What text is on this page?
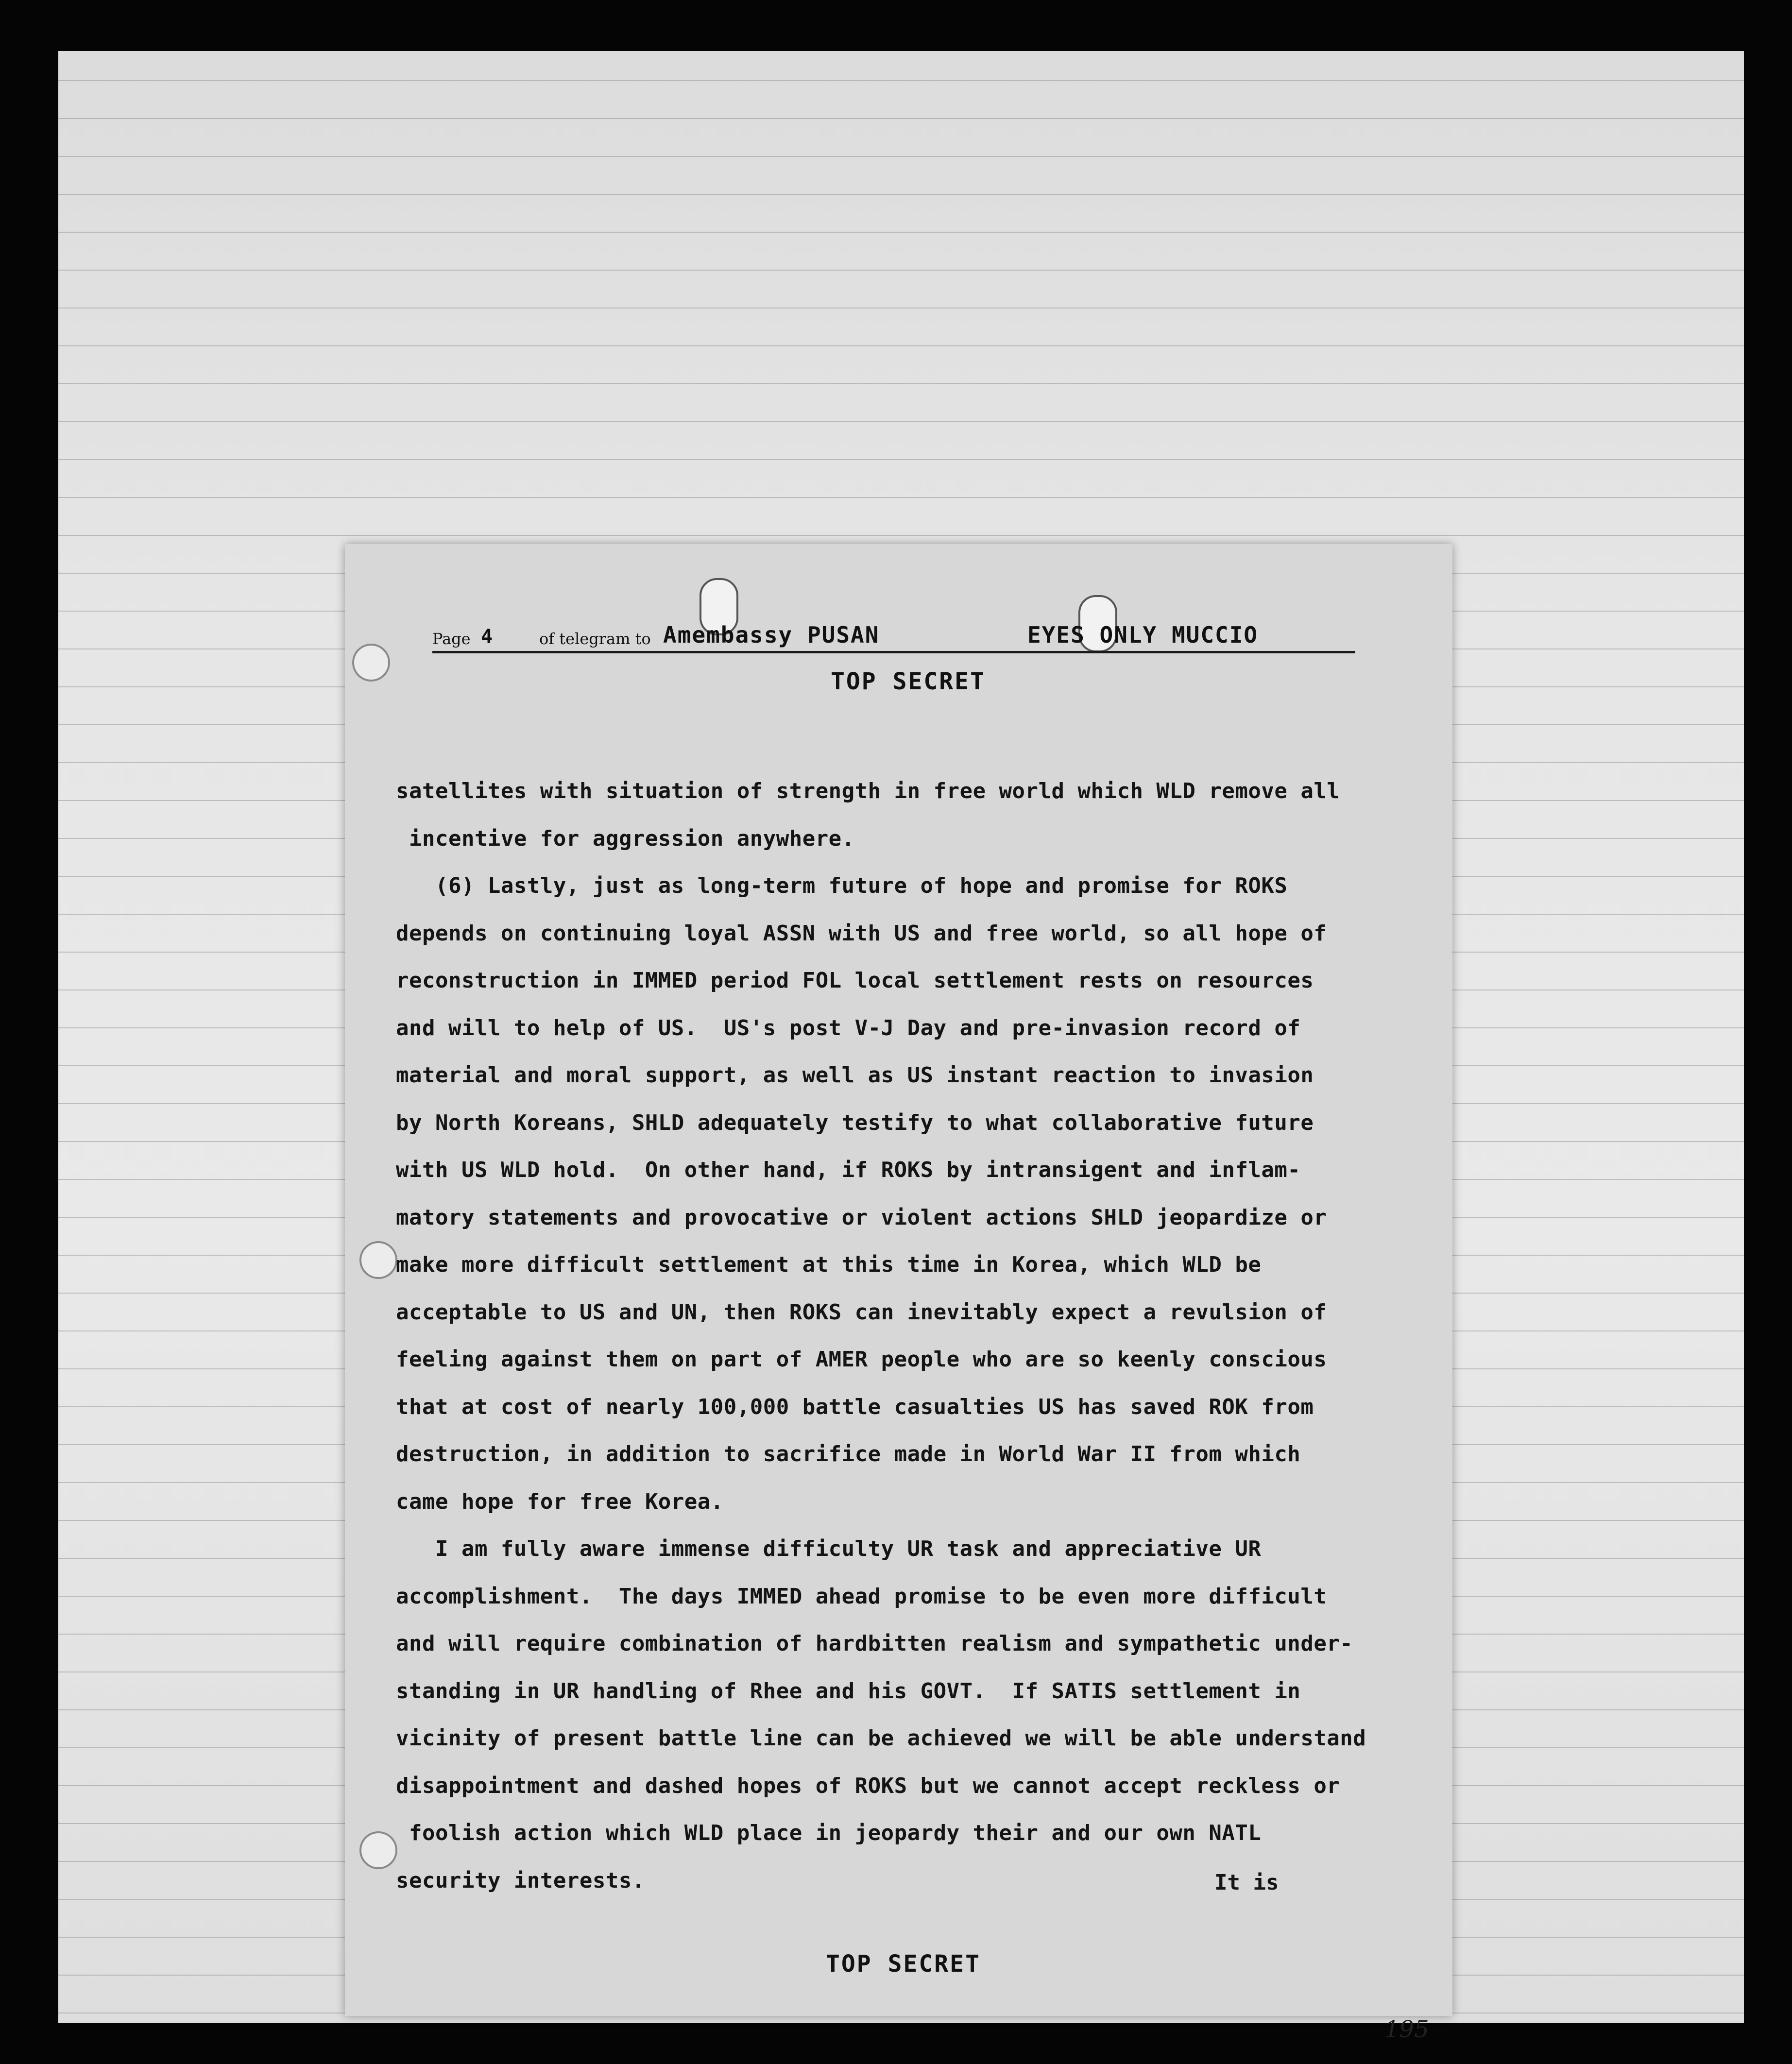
Page 4	of telegram to Amembassy PUSAN	EYES ONLY MUCCIO
TOP SECRET
satellites with situation of strength in free world which WLD remove all
incentive for aggression anywhere.
(6) Lastly, just as long-term future of hope and promise for ROKS
depends on continuing loyal ASSN with US and free world, so all hope of
reconstruction in IMMED period FOL local settlement rests on resources
and will to help of US.  US's post V-J Day and pre-invasion record of
material and moral support, as well as US instant reaction to invasion
by North Koreans, SHLD adequately testify to what collaborative future
with US WLD hold.  On other hand, if ROKS by intransigent and inflam-
matory statements and provocative or violent actions SHLD jeopardize or
make more difficult settlement at this time in Korea, which WLD be
acceptable to US and UN, then ROKS can inevitably expect a revulsion of
feeling against them on part of AMER people who are so keenly conscious
that at cost of nearly 100,000 battle casualties US has saved ROK from
destruction, in addition to sacrifice made in World War II from which
came hope for free Korea.
I am fully aware immense difficulty UR task and appreciative UR
accomplishment.  The days IMMED ahead promise to be even more difficult
and will require combination of hardbitten realism and sympathetic under-
standing in UR handling of Rhee and his GOVT.  If SATIS settlement in
vicinity of present battle line can be achieved we will be able understand
disappointment and dashed hopes of ROKS but we cannot accept reckless or
foolish action which WLD place in jeopardy their and our own NATL
security interests.	It is
TOP SECRET
195
